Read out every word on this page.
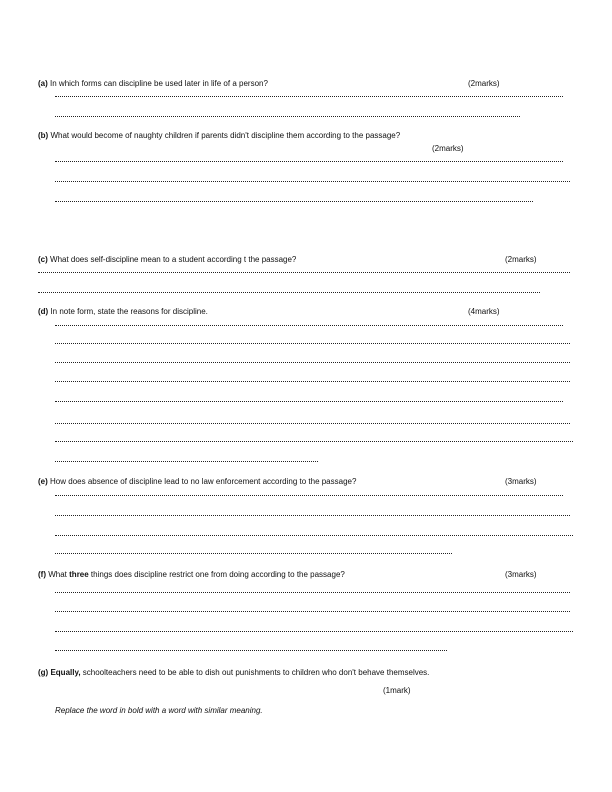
(a) In which forms can discipline be used later in life of a person?	(2marks)
(b) What would become of naughty children if parents didn't discipline them according to the passage?
(2marks)
(c) What does self-discipline mean to a student according t the passage?	(2marks)
(d) In note form, state the reasons for discipline.	(4marks)
(e) How does absence of discipline lead to no law enforcement according to the passage?	(3marks)
(f) What three things does discipline restrict one from doing according to the passage?	(3marks)
(g) Equally, schoolteachers need to be able to dish out punishments to children who don't behave themselves.
(1mark)
Replace the word in bold with a word with similar meaning.
